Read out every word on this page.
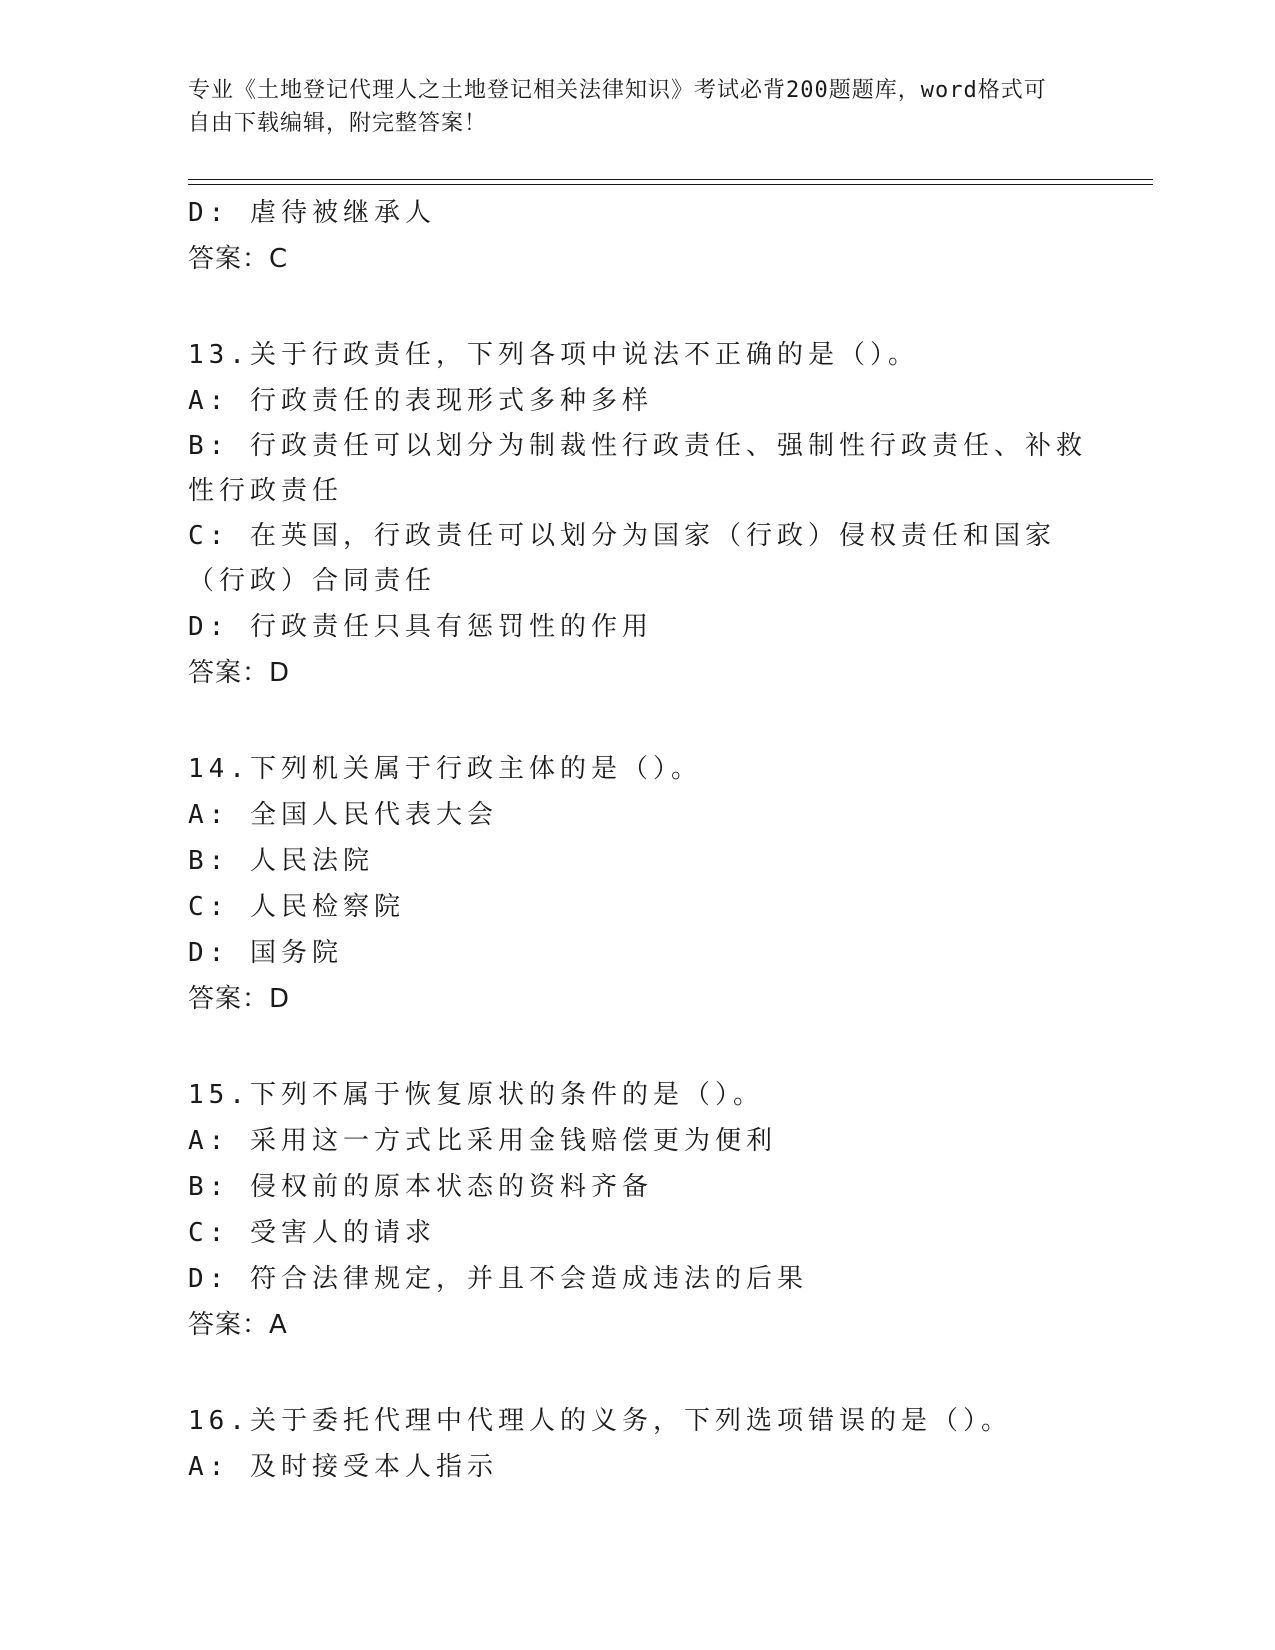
专业《土地登记代理人之土地登记相关法律知识》考试必背200题题库，word格式可自由下载编辑，附完整答案！
D: 虐待被继承人
答案：C
13.关于行政责任，下列各项中说法不正确的是（）。
A: 行政责任的表现形式多种多样
B: 行政责任可以划分为制裁性行政责任、强制性行政责任、补救性行政责任
C: 在英国，行政责任可以划分为国家（行政）侵权责任和国家（行政）合同责任
D: 行政责任只具有惩罚性的作用
答案：D
14.下列机关属于行政主体的是（）。
A: 全国人民代表大会
B: 人民法院
C: 人民检察院
D: 国务院
答案：D
15.下列不属于恢复原状的条件的是（）。
A: 采用这一方式比采用金钱赔偿更为便利
B: 侵权前的原本状态的资料齐备
C: 受害人的请求
D: 符合法律规定，并且不会造成违法的后果
答案：A
16.关于委托代理中代理人的义务，下列选项错误的是（）。
A: 及时接受本人指示
